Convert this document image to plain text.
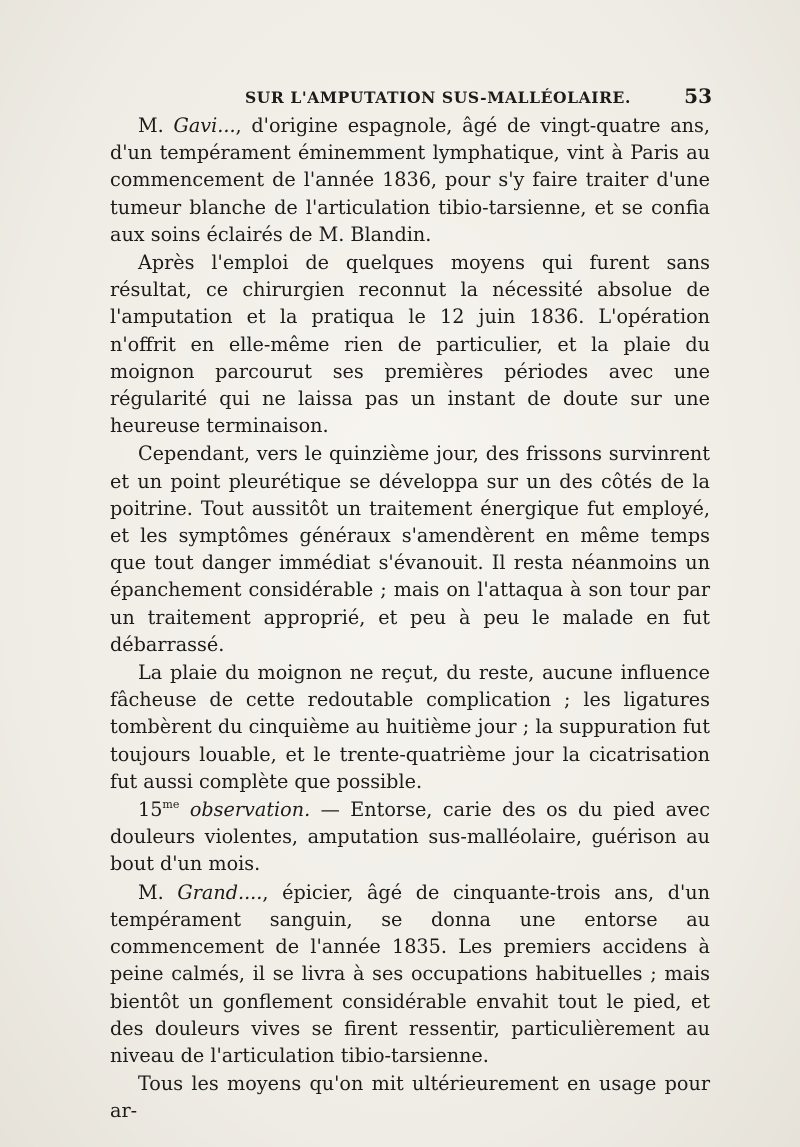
SUR L'AMPUTATION SUS-MALLÉOLAIRE.	53

M. Gavi..., d'origine espagnole, âgé de vingt-quatre ans, d'un tempérament éminemment lymphatique, vint à Paris au commencement de l'année 1836, pour s'y faire traiter d'une tumeur blanche de l'articulation tibio-tarsienne, et se confia aux soins éclairés de M. Blandin.

Après l'emploi de quelques moyens qui furent sans résultat, ce chirurgien reconnut la nécessité absolue de l'amputation et la pratiqua le 12 juin 1836. L'opération n'offrit en elle-même rien de particulier, et la plaie du moignon parcourut ses premières périodes avec une régularité qui ne laissa pas un instant de doute sur une heureuse terminaison.

Cependant, vers le quinzième jour, des frissons survinrent et un point pleurétique se développa sur un des côtés de la poitrine. Tout aussitôt un traitement énergique fut employé, et les symptômes généraux s'amendèrent en même temps que tout danger immédiat s'évanouit. Il resta néanmoins un épanchement considérable ; mais on l'attaqua à son tour par un traitement approprié, et peu à peu le malade en fut débarrassé.

La plaie du moignon ne reçut, du reste, aucune influence fâcheuse de cette redoutable complication ; les ligatures tombèrent du cinquième au huitième jour ; la suppuration fut toujours louable, et le trente-quatrième jour la cicatrisation fut aussi complète que possible.

$15^{me}$ observation. — Entorse, carie des os du pied avec douleurs violentes, amputation sus-malléolaire, guérison au bout d'un mois.

M. Grand...., épicier, âgé de cinquante-trois ans, d'un tempérament sanguin, se donna une entorse au commencement de l'année 1835. Les premiers accidens à peine calmés, il se livra à ses occupations habituelles ; mais bientôt un gonflement considérable envahit tout le pied, et des douleurs vives se firent ressentir, particulièrement au niveau de l'articulation tibio-tarsienne.

Tous les moyens qu'on mit ultérieurement en usage pour ar-
